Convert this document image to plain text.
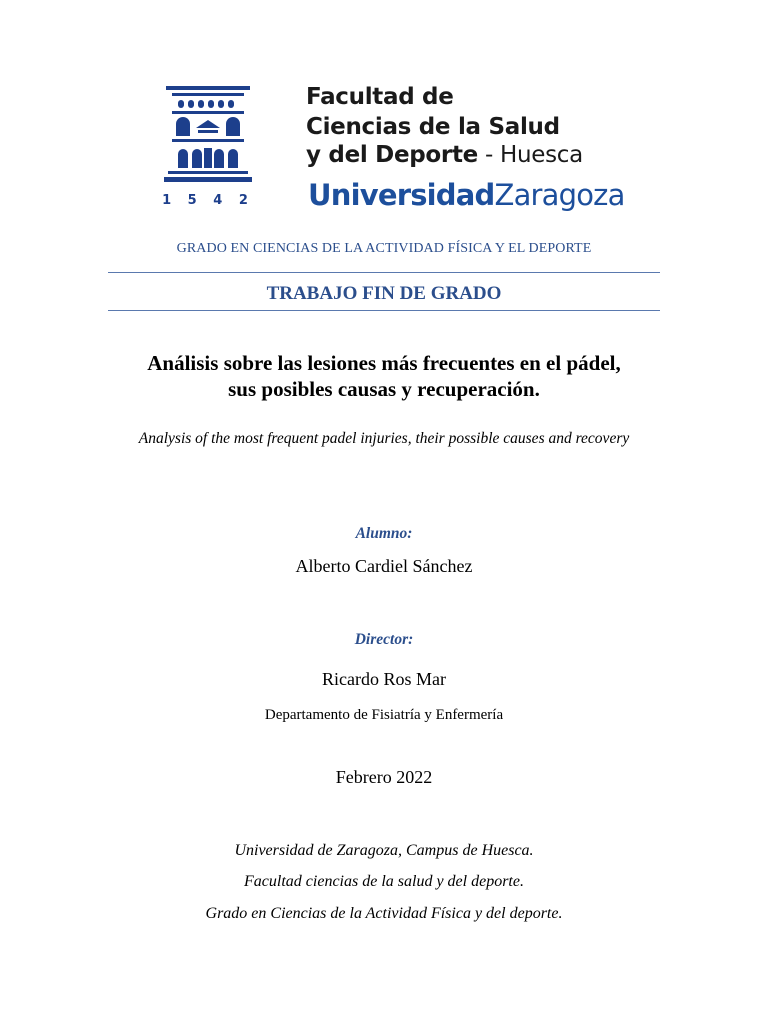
1 5 4 2
Facultad de
Ciencias de la Salud
y del Deporte - Huesca
UniversidadZaragoza
GRADO EN CIENCIAS DE LA ACTIVIDAD FÍSICA Y EL DEPORTE
TRABAJO FIN DE GRADO
Análisis sobre las lesiones más frecuentes en el pádel,
sus posibles causas y recuperación.
Analysis of the most frequent padel injuries, their possible causes and recovery
Alumno:
Alberto Cardiel Sánchez
Director:
Ricardo Ros Mar
Departamento de Fisiatría y Enfermería
Febrero 2022
Universidad de Zaragoza, Campus de Huesca.
Facultad ciencias de la salud y del deporte.
Grado en Ciencias de la Actividad Física y del deporte.
